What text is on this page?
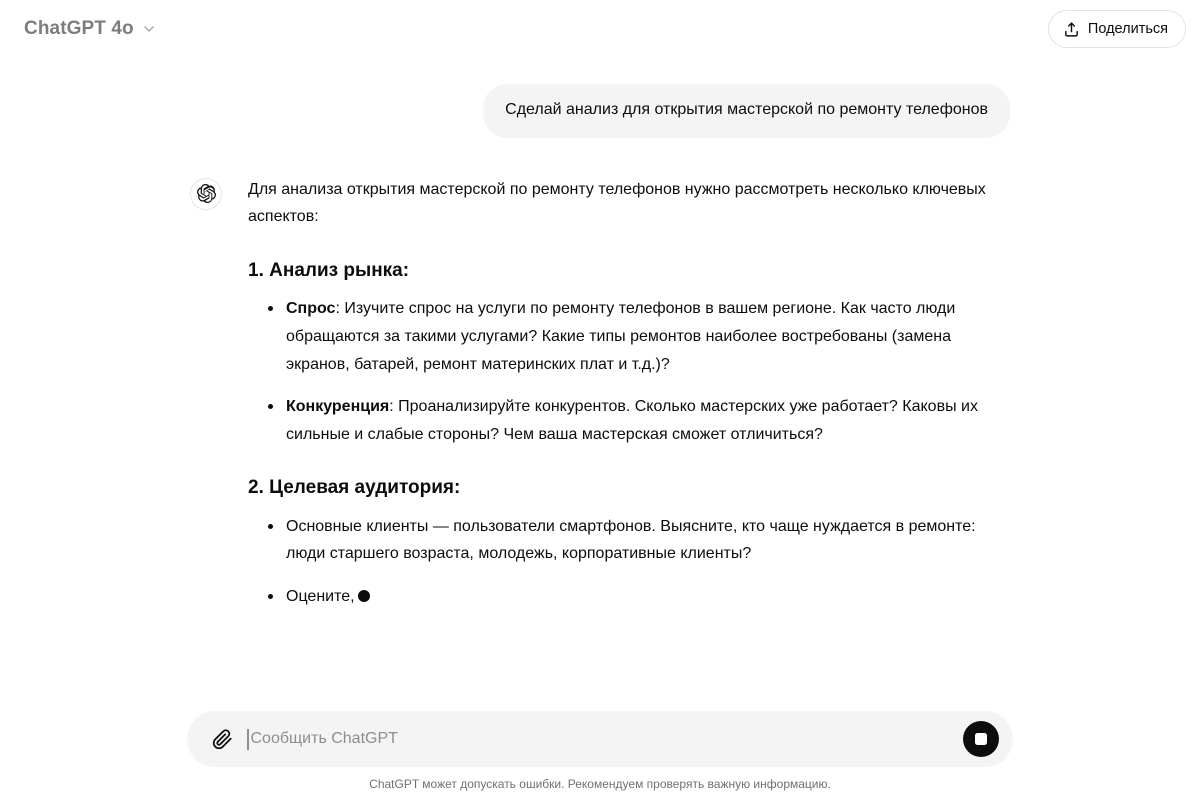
ChatGPT 4o	Поделиться
Сделай анализ для открытия мастерской по ремонту телефонов

Для анализа открытия мастерской по ремонту телефонов нужно рассмотреть несколько ключевых аспектов:

1. Анализ рынка:
Спрос: Изучите спрос на услуги по ремонту телефонов в вашем регионе. Как часто люди обращаются за такими услугами? Какие типы ремонтов наиболее востребованы (замена экранов, батарей, ремонт материнских плат и т.д.)?
Конкуренция: Проанализируйте конкурентов. Сколько мастерских уже работает? Каковы их сильные и слабые стороны? Чем ваша мастерская сможет отличиться?
2. Целевая аудитория:
Основные клиенты — пользователи смартфонов. Выясните, кто чаще нуждается в ремонте: люди старшего возраста, молодежь, корпоративные клиенты?
Оцените,
Сообщить ChatGPT
ChatGPT может допускать ошибки. Рекомендуем проверять важную информацию.
